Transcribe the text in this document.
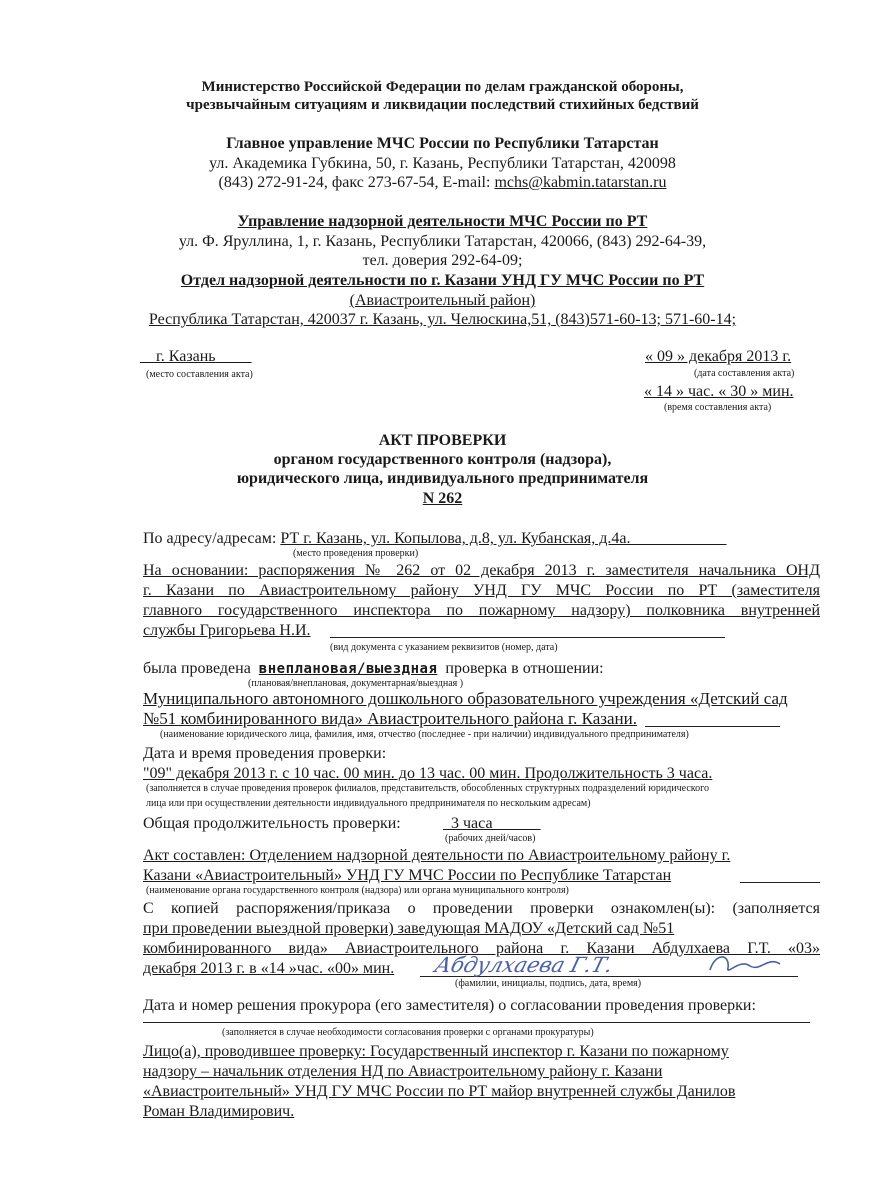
Министерство Российской Федерации по делам гражданской обороны,
чрезвычайным ситуациям и ликвидации последствий стихийных бедствий
Главное управление МЧС России по Республики Татарстан
ул. Академика Губкина, 50, г. Казань, Республики Татарстан, 420098
(843) 272-91-24, факс 273-67-54, E-mail: mchs@kabmin.tatarstan.ru
Управление надзорной деятельности МЧС России по РТ
ул. Ф. Яруллина, 1, г. Казань, Республики Татарстан, 420066, (843) 292-64-39,
тел. доверия 292-64-09;
Отдел надзорной деятельности по г. Казани УНД ГУ МЧС России по РТ
(Авиастроительный район)
Республика Татарстан, 420037 г. Казань, ул. Челюскина,51, (843)571-60-13; 571-60-14;
г. Казань
(место составления акта)
« 09 » декабря 2013 г.
(дата составления акта)
« 14 » час. « 30 » мин.
(время составления акта)
АКТ ПРОВЕРКИ
органом государственного контроля (надзора),
юридического лица, индивидуального предпринимателя
N 262
По адресу/адресам: РТ г. Казань, ул. Копылова, д.8, ул. Кубанская, д.4а.
(место проведения проверки)
На основании: распоряжения № 262 от 02 декабря 2013 г. заместителя начальника ОНД
г. Казани по Авиастроительному району УНД ГУ МЧС России по РТ (заместителя
главного государственного инспектора по пожарному надзору) полковника внутренней
службы Григорьева Н.И.
(вид документа с указанием реквизитов (номер, дата)
была проведена внеплановая/выездная проверка в отношении:
(плановая/внеплановая, документарная/выездная )
Муниципального автономного дошкольного образовательного учреждения «Детский сад
№51 комбинированного вида» Авиастроительного района г. Казани.
(наименование юридического лица, фамилия, имя, отчество (последнее - при наличии) индивидуального предпринимателя)
Дата и время проведения проверки:
"09" декабря 2013 г. с 10 час. 00 мин. до 13 час. 00 мин. Продолжительность 3 часа.
(заполняется в случае проведения проверок филиалов, представительств, обособленных структурных подразделений юридического
лица или при осуществлении деятельности индивидуального предпринимателя по нескольким адресам)
Общая продолжительность проверки:	3 часа
(рабочих дней/часов)
Акт составлен: Отделением надзорной деятельности по Авиастроительному району г.
Казани «Авиастроительный» УНД ГУ МЧС России по Республике Татарстан
(наименование органа государственного контроля (надзора) или органа муниципального контроля)
С копией распоряжения/приказа о проведении проверки ознакомлен(ы): (заполняется
при проведении выездной проверки) заведующая МАДОУ «Детский сад №51
комбинированного вида» Авиастроительного района г. Казани Абдулхаева Г.Т. «03»
декабря 2013 г. в «14 »час. «00» мин. Абдулхаева Г.Т.
(фамилии, инициалы, подпись, дата, время)
Дата и номер решения прокурора (его заместителя) о согласовании проведения проверки:
(заполняется в случае необходимости согласования проверки с органами прокуратуры)
Лицо(а), проводившее проверку: Государственный инспектор г. Казани по пожарному
надзору – начальник отделения НД по Авиастроительному району г. Казани
«Авиастроительный» УНД ГУ МЧС России по РТ майор внутренней службы Данилов
Роман Владимирович.
